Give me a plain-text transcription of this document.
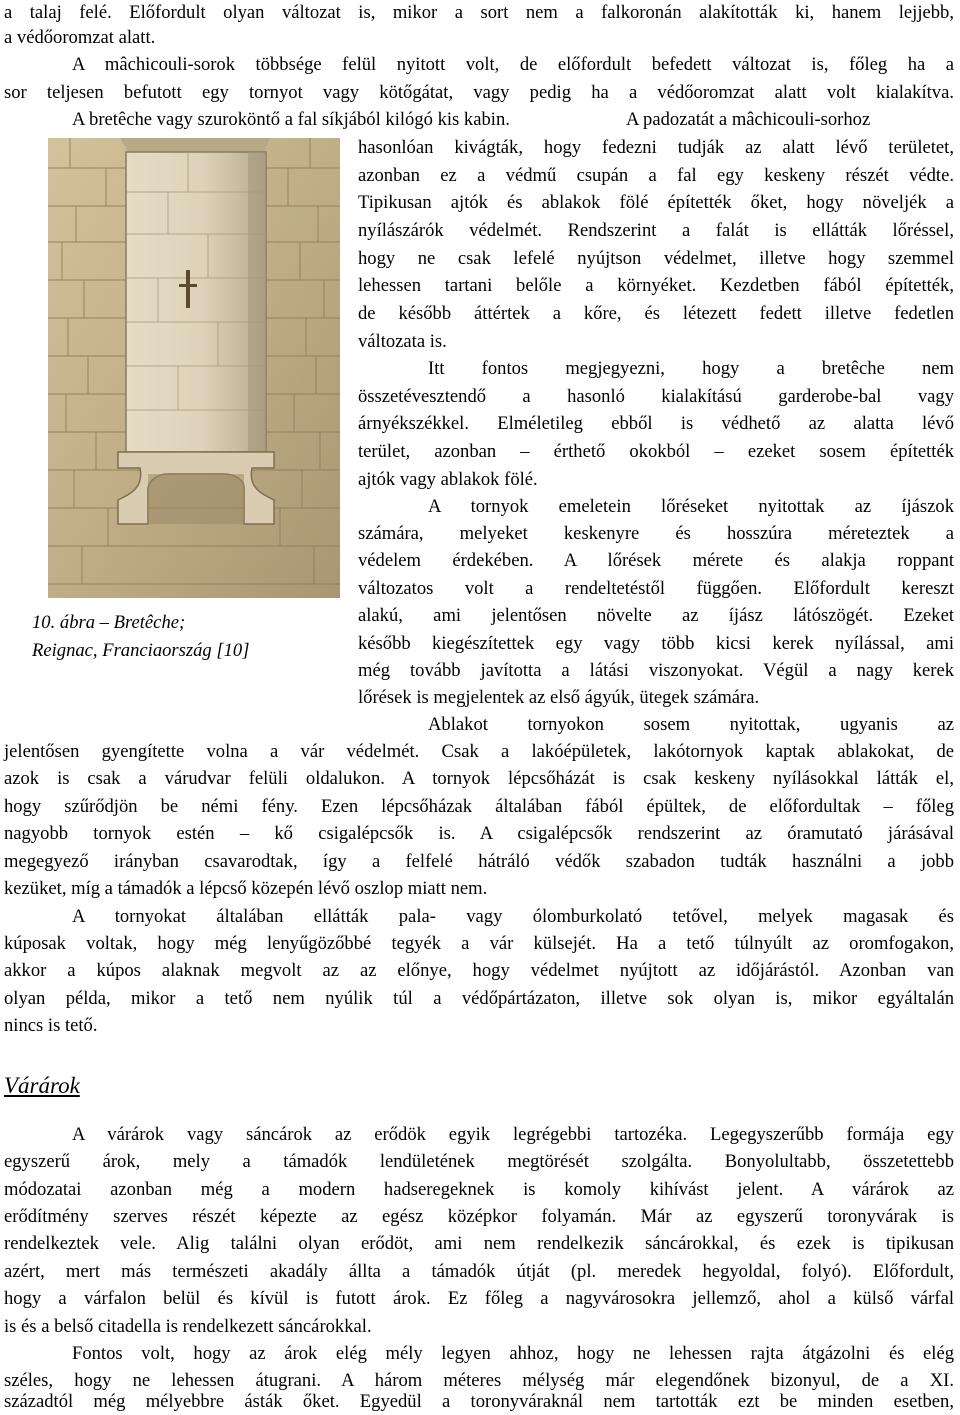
a talaj felé. Előfordult olyan változat is, mikor a sort nem a falkoronán alakították ki, hanem lejjebb,
a védőoromzat alatt.
A mâchicouli-sorok többsége felül nyitott volt, de előfordult befedett változat is, főleg ha a
sor teljesen befutott egy tornyot vagy kötőgátat, vagy pedig ha a védőoromzat alatt volt kialakítva.
A bretêche vagy szuroköntő a fal síkjából kilógó kis kabin.
10. ábra – Bretêche;
Reignac, Franciaország [10]
A padozatát a mâchicouli-sorhoz
hasonlóan kivágták, hogy fedezni tudják az alatt lévő területet,
azonban ez a védmű csupán a fal egy keskeny részét védte.
Tipikusan ajtók és ablakok fölé építették őket, hogy növeljék a
nyílászárók védelmét. Rendszerint a falát is ellátták lőréssel,
hogy ne csak lefelé nyújtson védelmet, illetve hogy szemmel
lehessen tartani belőle a környéket. Kezdetben fából építették,
de később áttértek a kőre, és létezett fedett illetve fedetlen
változata is.
Itt fontos megjegyezni, hogy a bretêche nem
összetévesztendő a hasonló kialakítású garderobe-bal vagy
árnyékszékkel. Elméletileg ebből is védhető az alatta lévő
terület, azonban – érthető okokból – ezeket sosem építették
ajtók vagy ablakok fölé.
A tornyok emeletein lőréseket nyitottak az íjászok
számára, melyeket keskenyre és hosszúra méreteztek a
védelem érdekében. A lőrések mérete és alakja roppant
változatos volt a rendeltetéstől függően. Előfordult kereszt
alakú, ami jelentősen növelte az íjász látószögét. Ezeket
később kiegészítettek egy vagy több kicsi kerek nyílással, ami
még tovább javította a látási viszonyokat. Végül a nagy kerek
lőrések is megjelentek az első ágyúk, ütegek számára.
Ablakot tornyokon sosem nyitottak, ugyanis az
jelentősen gyengítette volna a vár védelmét. Csak a lakóépületek, lakótornyok kaptak ablakokat, de
azok is csak a várudvar felüli oldalukon. A tornyok lépcsőházát is csak keskeny nyílásokkal látták el,
hogy szűrődjön be némi fény. Ezen lépcsőházak általában fából épültek, de előfordultak – főleg
nagyobb tornyok estén – kő csigalépcsők is. A csigalépcsők rendszerint az óramutató járásával
megegyező irányban csavarodtak, így a felfelé hátráló védők szabadon tudták használni a jobb
kezüket, míg a támadók a lépcső közepén lévő oszlop miatt nem.
A tornyokat általában ellátták pala- vagy ólomburkolató tetővel, melyek magasak és
kúposak voltak, hogy még lenyűgözőbbé tegyék a vár külsejét. Ha a tető túlnyúlt az oromfogakon,
akkor a kúpos alaknak megvolt az az előnye, hogy védelmet nyújtott az időjárástól. Azonban van
olyan példa, mikor a tető nem nyúlik túl a védőpártázaton, illetve sok olyan is, mikor egyáltalán
nincs is tető.
Várárok
A várárok vagy sáncárok az erődök egyik legrégebbi tartozéka. Legegyszerűbb formája egy
egyszerű árok, mely a támadók lendületének megtörését szolgálta. Bonyolultabb, összetettebb
módozatai azonban még a modern hadseregeknek is komoly kihívást jelent. A várárok az
erődítmény szerves részét képezte az egész középkor folyamán. Már az egyszerű toronyvárak is
rendelkeztek vele. Alig találni olyan erődöt, ami nem rendelkezik sáncárokkal, és ezek is tipikusan
azért, mert más természeti akadály állta a támadók útját (pl. meredek hegyoldal, folyó). Előfordult,
hogy a várfalon belül és kívül is futott árok. Ez főleg a nagyvárosokra jellemző, ahol a külső várfal
is és a belső citadella is rendelkezett sáncárokkal.
Fontos volt, hogy az árok elég mély legyen ahhoz, hogy ne lehessen rajta átgázolni és elég
széles, hogy ne lehessen átugrani. A három méteres mélység már elegendőnek bizonyul, de a XI.
századtól még mélyebbre ásták őket. Egyedül a toronyváraknál nem tartották ezt be minden esetben,
